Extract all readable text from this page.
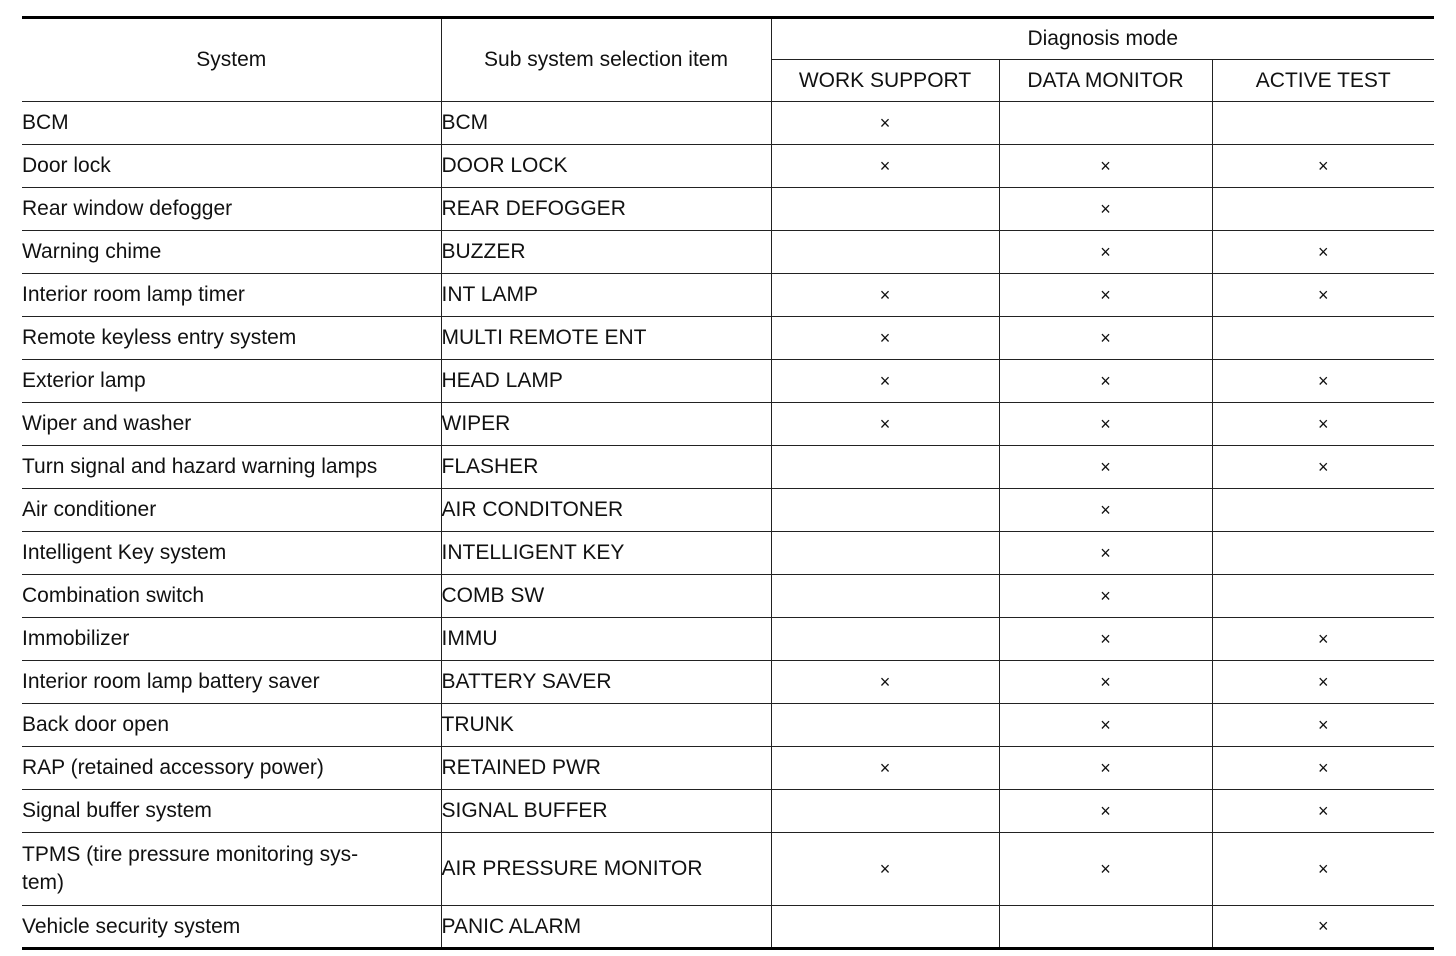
System	Sub system selection item	Diagnosis mode		
		WORK SUPPORT	DATA MONITOR	ACTIVE TEST
BCM	BCM	×		
Door lock	DOOR LOCK	×	×	×
Rear window defogger	REAR DEFOGGER		×	
Warning chime	BUZZER		×	×
Interior room lamp timer	INT LAMP	×	×	×
Remote keyless entry system	MULTI REMOTE ENT	×	×	
Exterior lamp	HEAD LAMP	×	×	×
Wiper and washer	WIPER	×	×	×
Turn signal and hazard warning lamps	FLASHER		×	×
Air conditioner	AIR CONDITONER		×	
Intelligent Key system	INTELLIGENT KEY		×	
Combination switch	COMB SW		×	
Immobilizer	IMMU		×	×
Interior room lamp battery saver	BATTERY SAVER	×	×	×
Back door open	TRUNK		×	×
RAP (retained accessory power)	RETAINED PWR	×	×	×
Signal buffer system	SIGNAL BUFFER		×	×
TPMS (tire pressure monitoring sys-
tem)	AIR PRESSURE MONITOR	×	×	×
Vehicle security system	PANIC ALARM			×
